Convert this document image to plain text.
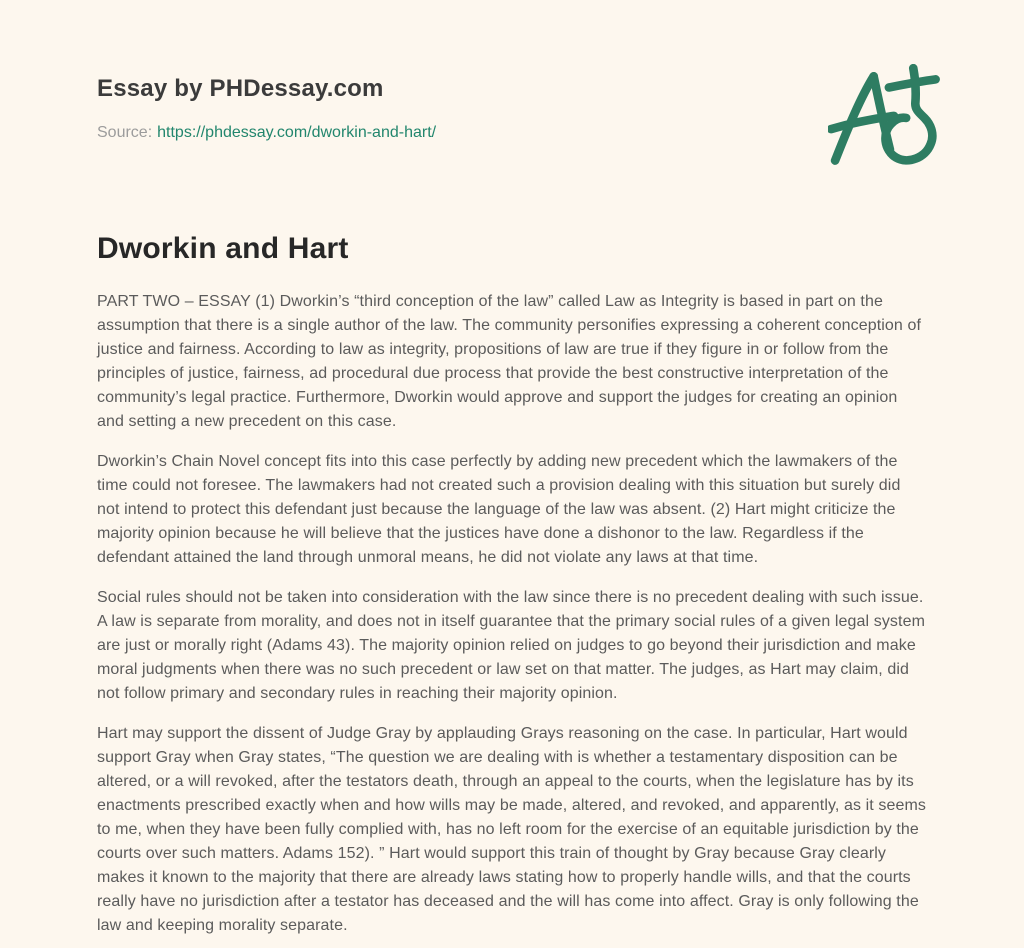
Essay by PHDessay.com
Source: https://phdessay.com/dworkin-and-hart/
Dworkin and Hart

PART TWO – ESSAY (1) Dworkin’s “third conception of the law” called Law as Integrity is based in part on the assumption that there is a single author of the law. The community personifies expressing a coherent conception of justice and fairness. According to law as integrity, propositions of law are true if they figure in or follow from the principles of justice, fairness, ad procedural due process that provide the best constructive interpretation of the community’s legal practice. Furthermore, Dworkin would approve and support the judges for creating an opinion and setting a new precedent on this case.

Dworkin’s Chain Novel concept fits into this case perfectly by adding new precedent which the lawmakers of the time could not foresee. The lawmakers had not created such a provision dealing with this situation but surely did not intend to protect this defendant just because the language of the law was absent. (2) Hart might criticize the majority opinion because he will believe that the justices have done a dishonor to the law. Regardless if the defendant attained the land through unmoral means, he did not violate any laws at that time.

Social rules should not be taken into consideration with the law since there is no precedent dealing with such issue. A law is separate from morality, and does not in itself guarantee that the primary social rules of a given legal system are just or morally right (Adams 43). The majority opinion relied on judges to go beyond their jurisdiction and make moral judgments when there was no such precedent or law set on that matter. The judges, as Hart may claim, did not follow primary and secondary rules in reaching their majority opinion.

Hart may support the dissent of Judge Gray by applauding Grays reasoning on the case. In particular, Hart would support Gray when Gray states, “The question we are dealing with is whether a testamentary disposition can be altered, or a will revoked, after the testators death, through an appeal to the courts, when the legislature has by its enactments prescribed exactly when and how wills may be made, altered, and revoked, and apparently, as it seems to me, when they have been fully complied with, has no left room for the exercise of an equitable jurisdiction by the courts over such matters. Adams 152). ” Hart would support this train of thought by Gray because Gray clearly makes it known to the majority that there are already laws stating how to properly handle wills, and that the courts really have no jurisdiction after a testator has deceased and the will has come into affect. Gray is only following the law and keeping morality separate.
